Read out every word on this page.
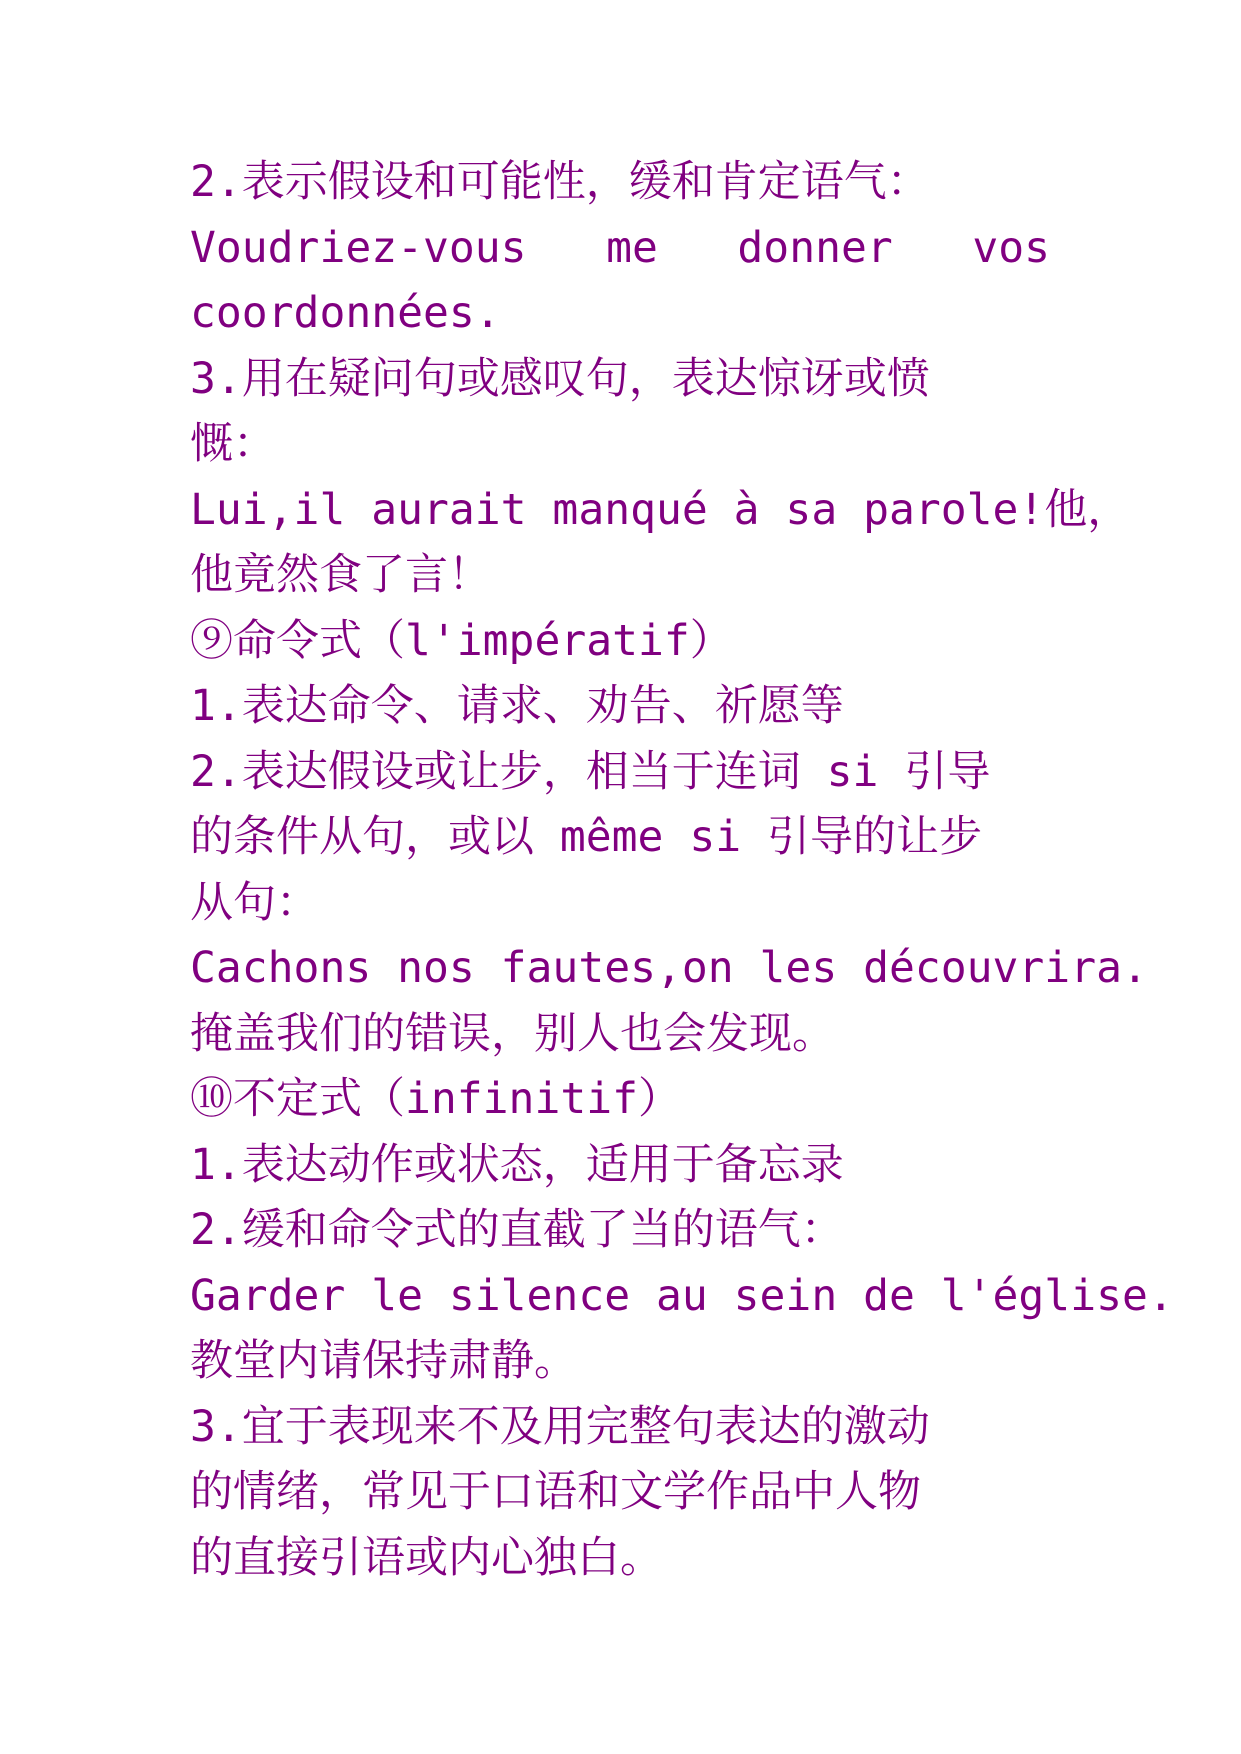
2.表示假设和可能性，缓和肯定语气：
Voudriez-vous me donner vos
coordonnées.
3.用在疑问句或感叹句，表达惊讶或愤
慨：
Lui,il aurait manqué à sa parole!他，
他竟然食了言！
⑨命令式（l'impératif）
1.表达命令、请求、劝告、祈愿等
2.表达假设或让步，相当于连词 si 引导
的条件从句，或以 même si 引导的让步
从句：
Cachons nos fautes,on les découvrira.
掩盖我们的错误，别人也会发现。
⑩不定式（infinitif）
1.表达动作或状态，适用于备忘录
2.缓和命令式的直截了当的语气：
Garder le silence au sein de l'église.
教堂内请保持肃静。
3.宜于表现来不及用完整句表达的激动
的情绪，常见于口语和文学作品中人物
的直接引语或内心独白。
